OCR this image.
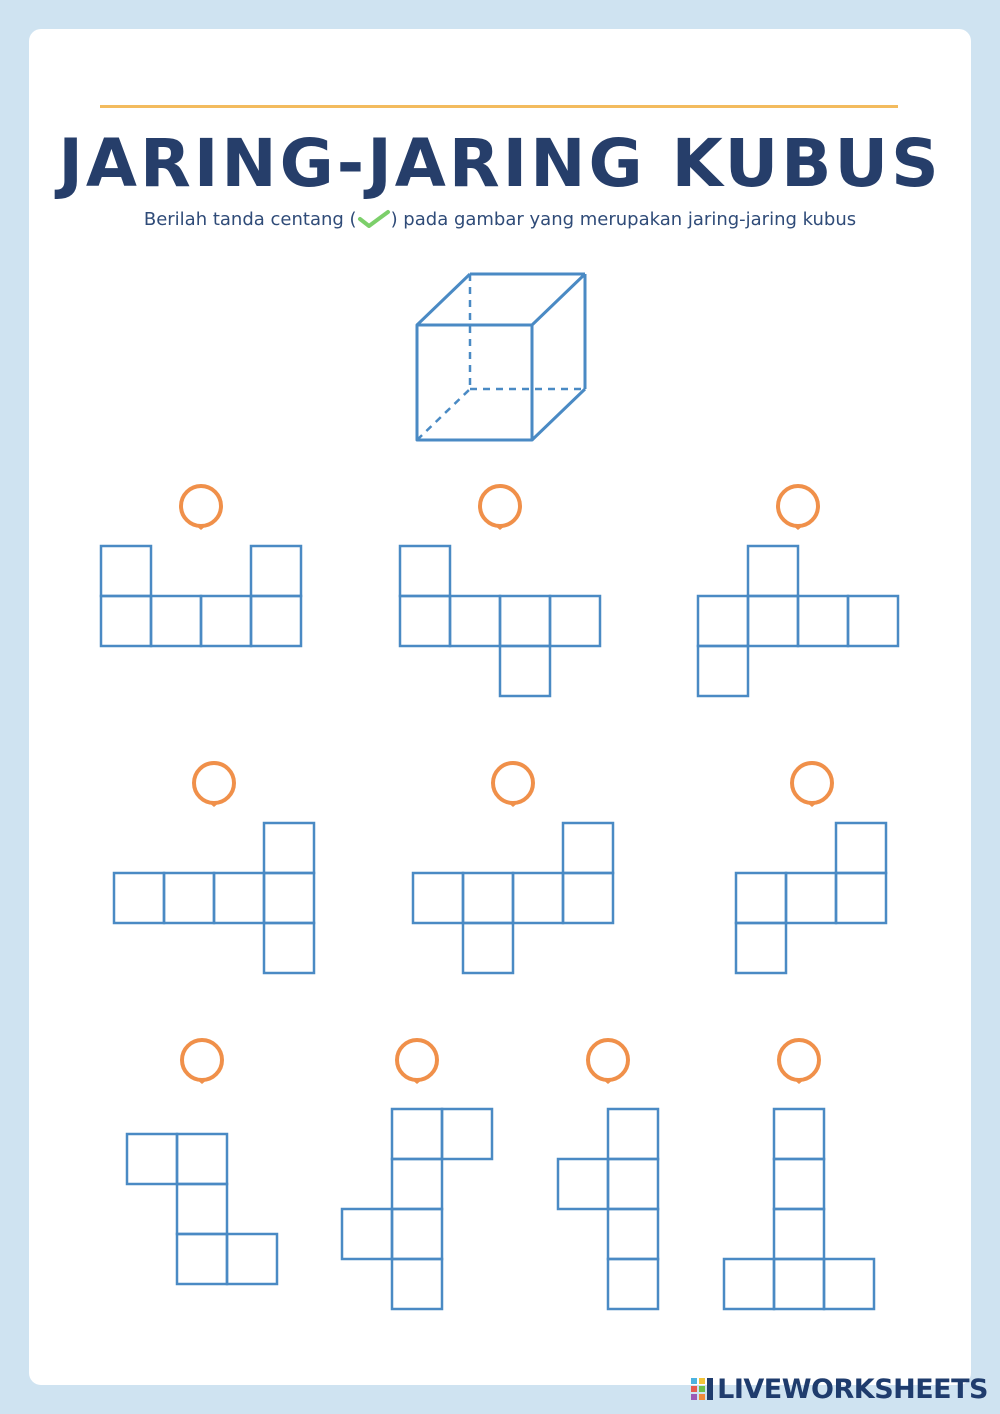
JARING-JARING KUBUS
Berilah tanda centang ( ) pada gambar yang merupakan jaring-jaring kubus
LIVEWORKSHEETS
